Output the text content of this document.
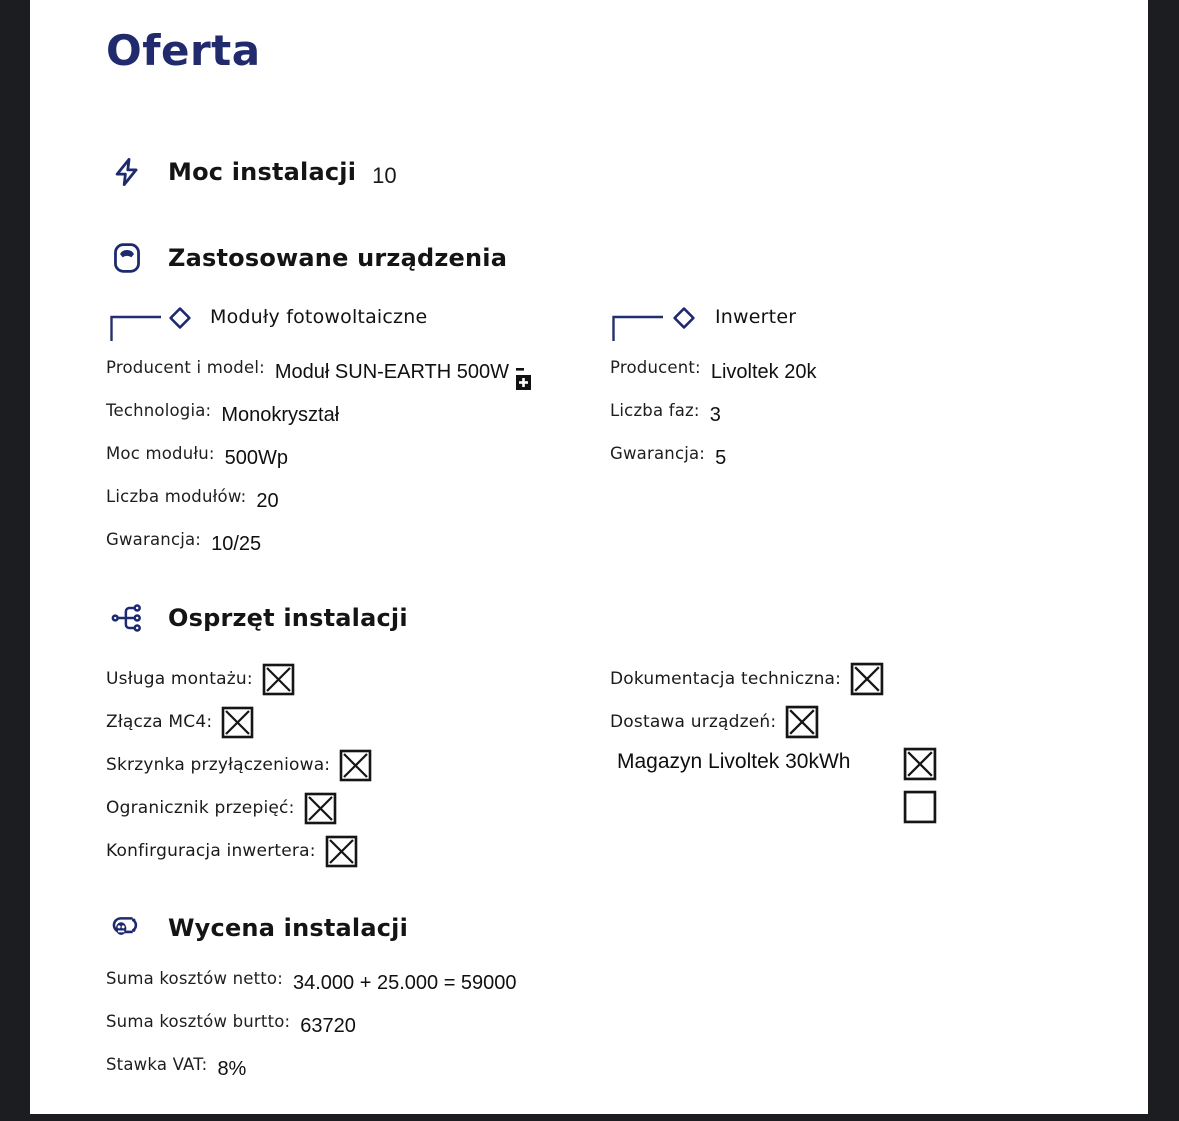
Oferta
Moc instalacji 10
Zastosowane urządzenia
Moduły fotowoltaiczne	Inwerter
Producent i model: Moduł SUN-EARTH 500W
Technologia: Monokryształ
Moc modułu: 500Wp
Liczba modułów: 20
Gwarancja: 10/25
Producent: Livoltek 20k
Liczba faz: 3
Gwarancja: 5
Osprzęt instalacji
Usługa montażu:
Złącza MC4:
Skrzynka przyłączeniowa:
Ogranicznik przepięć:
Konfirguracja inwertera:
Dokumentacja techniczna:
Dostawa urządzeń:
Magazyn Livoltek 30kWh
Wycena instalacji
Suma kosztów netto: 34.000 + 25.000 = 59000
Suma kosztów burtto: 63720
Stawka VAT: 8%
